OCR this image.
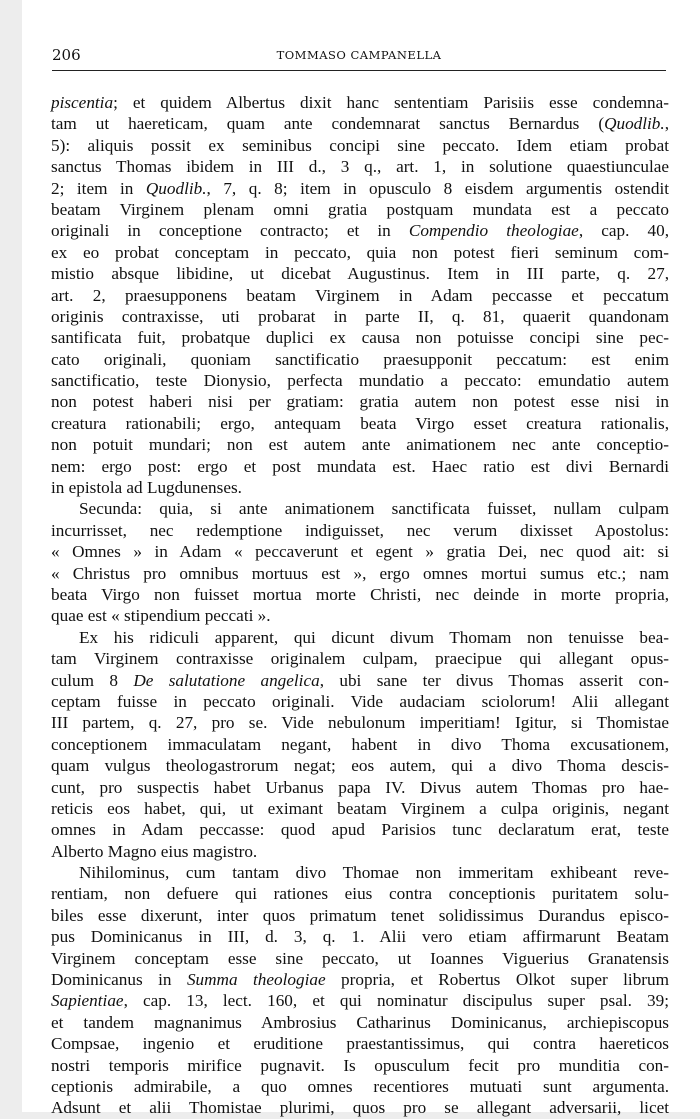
206	TOMMASO CAMPANELLA
piscentia; et quidem Albertus dixit hanc sententiam Parisiis esse condemna-
tam ut haereticam, quam ante condemnarat sanctus Bernardus (Quodlib.,
5): aliquis possit ex seminibus concipi sine peccato. Idem etiam probat
sanctus Thomas ibidem in III d., 3 q., art. 1, in solutione quaestiunculae
2; item in Quodlib., 7, q. 8; item in opusculo 8 eisdem argumentis ostendit
beatam Virginem plenam omni gratia postquam mundata est a peccato
originali in conceptione contracto; et in Compendio theologiae, cap. 40,
ex eo probat conceptam in peccato, quia non potest fieri seminum com-
mistio absque libidine, ut dicebat Augustinus. Item in III parte, q. 27,
art. 2, praesupponens beatam Virginem in Adam peccasse et peccatum
originis contraxisse, uti probarat in parte II, q. 81, quaerit quandonam
santificata fuit, probatque duplici ex causa non potuisse concipi sine pec-
cato originali, quoniam sanctificatio praesupponit peccatum: est enim
sanctificatio, teste Dionysio, perfecta mundatio a peccato: emundatio autem
non potest haberi nisi per gratiam: gratia autem non potest esse nisi in
creatura rationabili; ergo, antequam beata Virgo esset creatura rationalis,
non potuit mundari; non est autem ante animationem nec ante conceptio-
nem: ergo post: ergo et post mundata est. Haec ratio est divi Bernardi
in epistola ad Lugdunenses.
Secunda: quia, si ante animationem sanctificata fuisset, nullam culpam
incurrisset, nec redemptione indiguisset, nec verum dixisset Apostolus:
« Omnes » in Adam « peccaverunt et egent » gratia Dei, nec quod ait: si
« Christus pro omnibus mortuus est », ergo omnes mortui sumus etc.; nam
beata Virgo non fuisset mortua morte Christi, nec deinde in morte propria,
quae est « stipendium peccati ».
Ex his ridiculi apparent, qui dicunt divum Thomam non tenuisse bea-
tam Virginem contraxisse originalem culpam, praecipue qui allegant opus-
culum 8 De salutatione angelica, ubi sane ter divus Thomas asserit con-
ceptam fuisse in peccato originali. Vide audaciam sciolorum! Alii allegant
III partem, q. 27, pro se. Vide nebulonum imperitiam! Igitur, si Thomistae
conceptionem immaculatam negant, habent in divo Thoma excusationem,
quam vulgus theologastrorum negat; eos autem, qui a divo Thoma descis-
cunt, pro suspectis habet Urbanus papa IV. Divus autem Thomas pro hae-
reticis eos habet, qui, ut eximant beatam Virginem a culpa originis, negant
omnes in Adam peccasse: quod apud Parisios tunc declaratum erat, teste
Alberto Magno eius magistro.
Nihilominus, cum tantam divo Thomae non immeritam exhibeant reve-
rentiam, non defuere qui rationes eius contra conceptionis puritatem solu-
biles esse dixerunt, inter quos primatum tenet solidissimus Durandus episco-
pus Dominicanus in III, d. 3, q. 1. Alii vero etiam affirmarunt Beatam
Virginem conceptam esse sine peccato, ut Ioannes Viguerius Granatensis
Dominicanus in Summa theologiae propria, et Robertus Olkot super librum
Sapientiae, cap. 13, lect. 160, et qui nominatur discipulus super psal. 39;
et tandem magnanimus Ambrosius Catharinus Dominicanus, archiepiscopus
Compsae, ingenio et eruditione praestantissimus, qui contra haereticos
nostri temporis mirifice pugnavit. Is opusculum fecit pro munditia con-
ceptionis admirabile, a quo omnes recentiores mutuati sunt argumenta.
Adsunt et alii Thomistae plurimi, quos pro se allegant adversarii, licet
